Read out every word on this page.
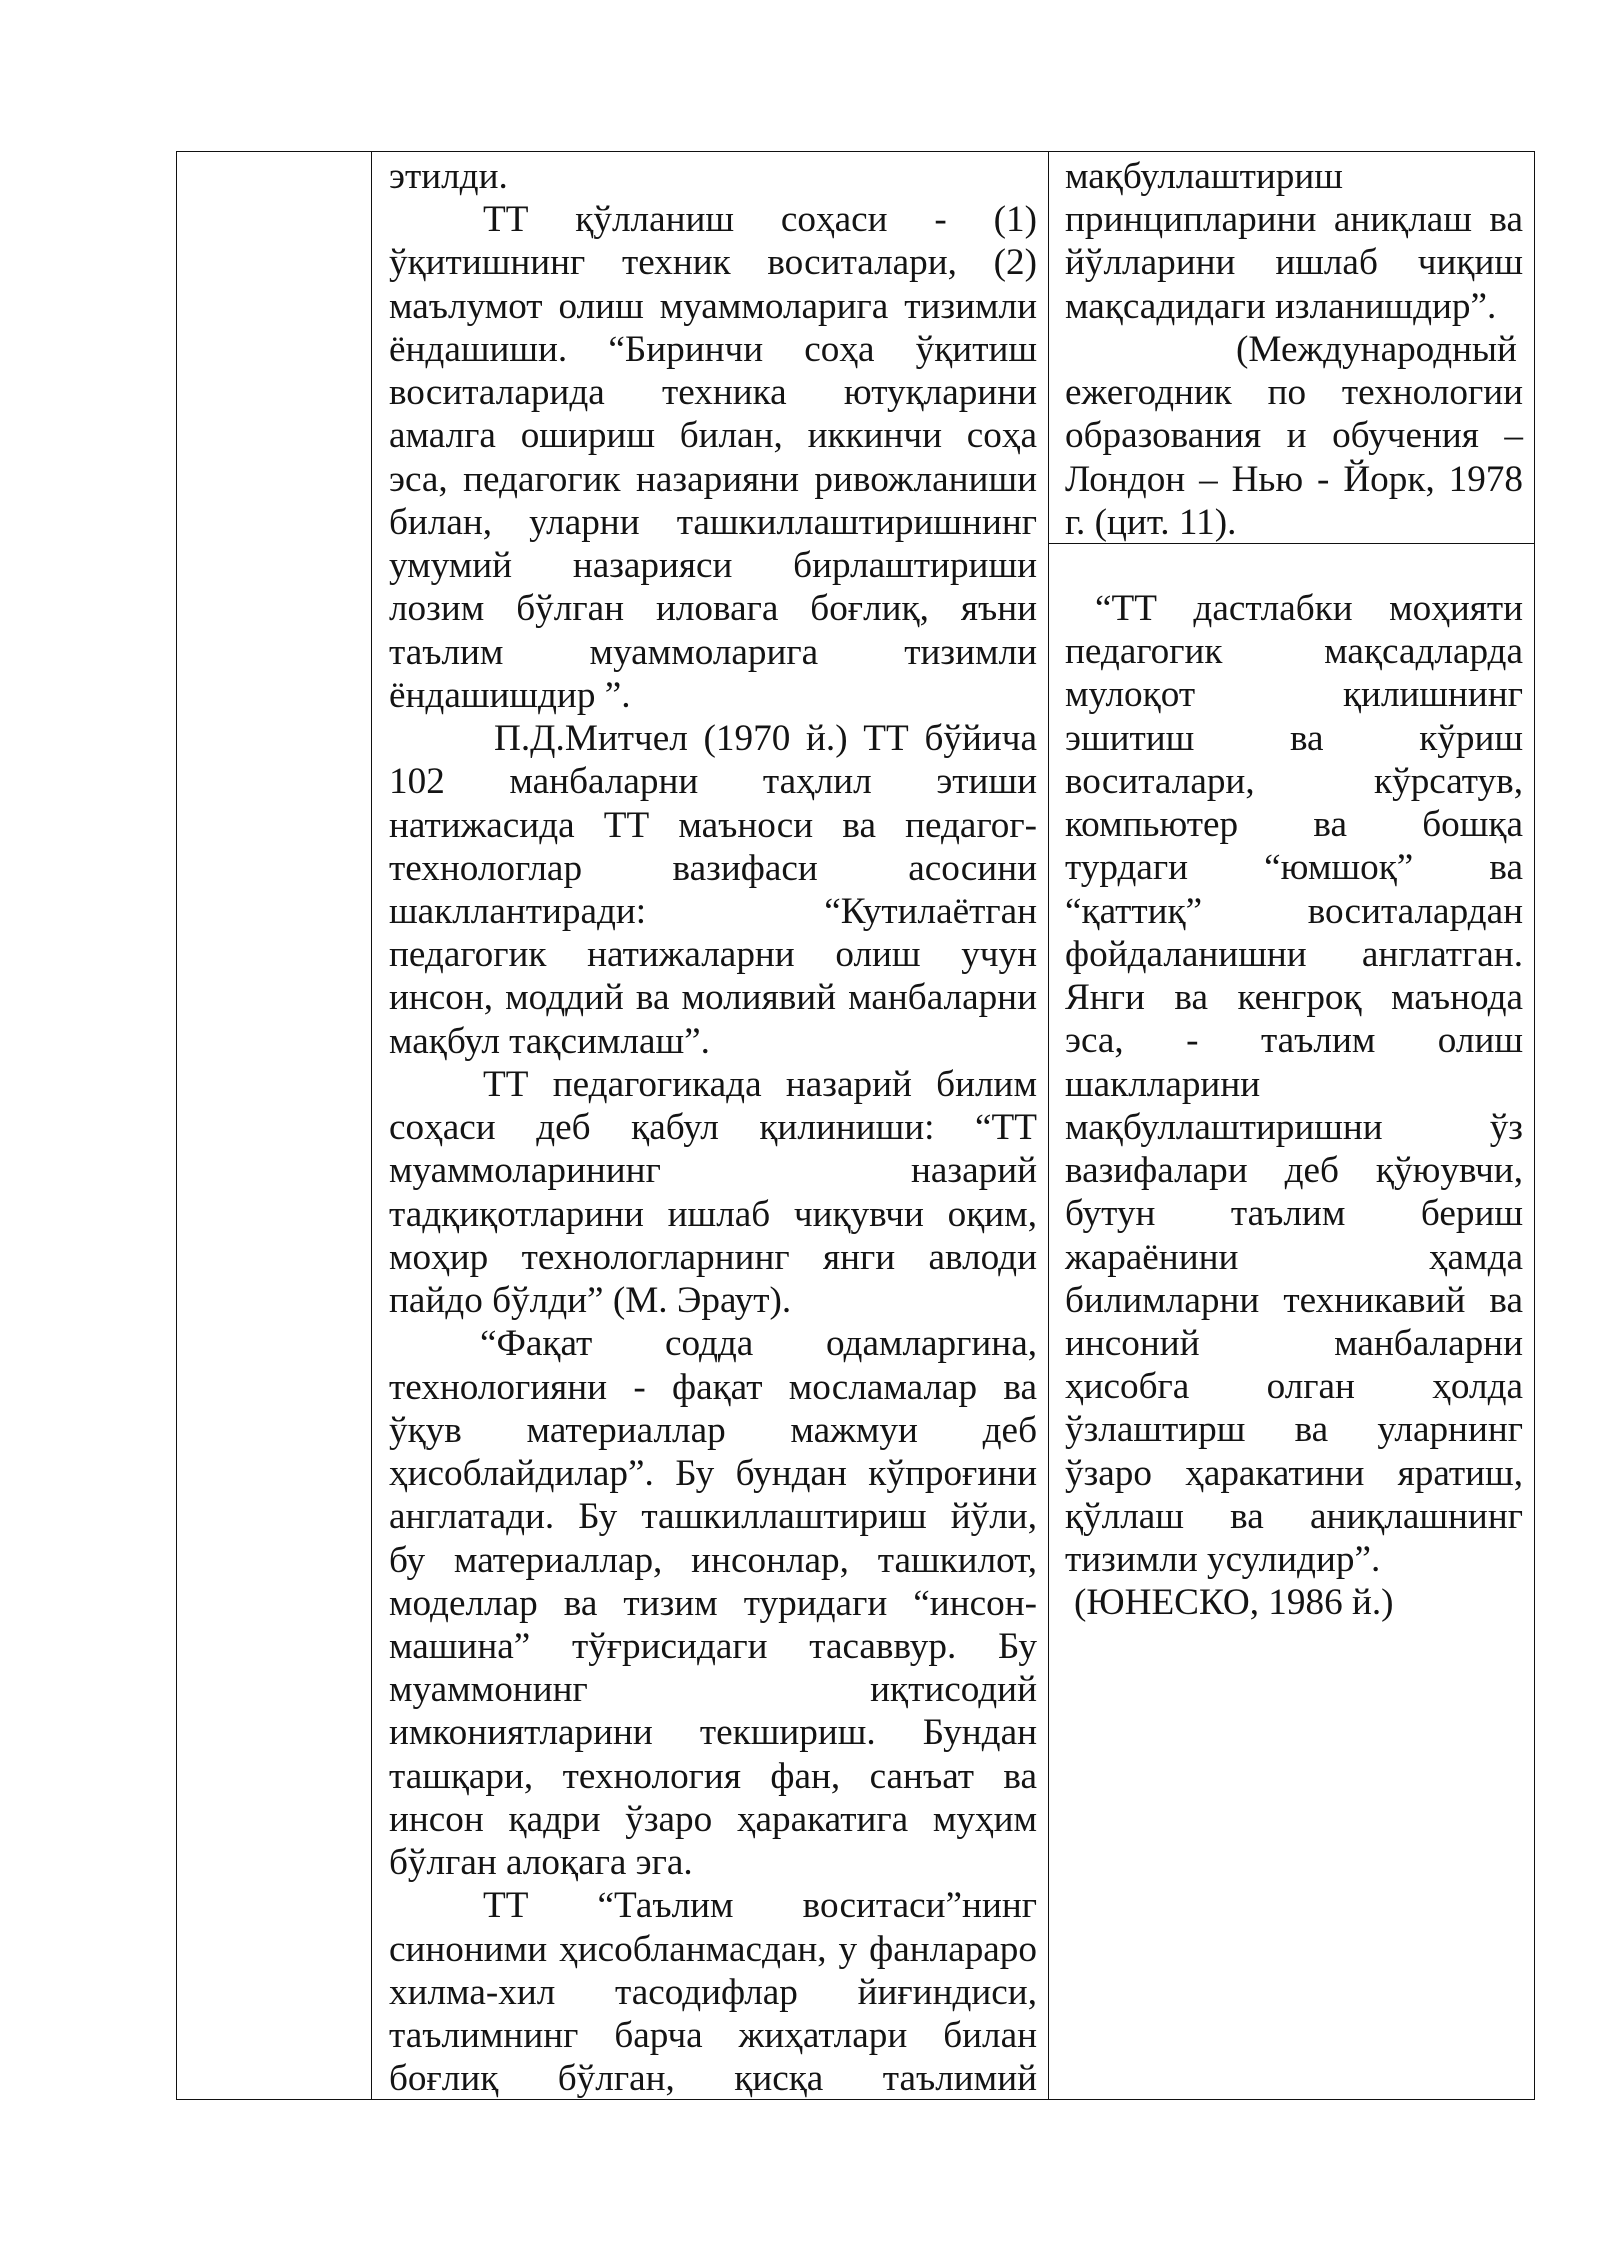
этилди.
ТТ қўлланиш соҳаси - (1)
ўқитишнинг техник воситалари, (2)
маълумот олиш муаммоларига тизимли
ёндашиши. “Биринчи соҳа ўқитиш
воситаларида техника ютуқларини
амалга ошириш билан, иккинчи соҳа
эса, педагогик назарияни ривожланиши
билан, уларни ташкиллаштиришнинг
умумий назарияси бирлаштириши
лозим бўлган иловага боғлиқ, яъни
таълим муаммоларига тизимли
ёндашишдир ”.
П.Д.Митчел (1970 й.) ТТ бўйича
102 манбаларни таҳлил этиши
натижасида ТТ маъноси ва педагог-
технологлар вазифаси асосини
шакллантиради: “Кутилаётган
педагогик натижаларни олиш учун
инсон, моддий ва молиявий манбаларни
мақбул тақсимлаш”.
ТТ педагогикада назарий билим
соҳаси деб қабул қилиниши: “ТТ
муаммоларининг назарий
тадқиқотларини ишлаб чиқувчи оқим,
моҳир технологларнинг янги авлоди
пайдо бўлди” (М. Эраут).
“Фақат содда одамларгина,
технологияни - фақат мосламалар ва
ўқув материаллар мажмуи деб
ҳисоблайдилар”. Бу бундан кўпроғини
англатади. Бу ташкиллаштириш йўли,
бу материаллар, инсонлар, ташкилот,
моделлар ва тизим туридаги “инсон-
машина” тўғрисидаги тасаввур. Бу
муаммонинг иқтисодий
имкониятларини текшириш. Бундан
ташқари, технология фан, санъат ва
инсон қадри ўзаро ҳаракатига муҳим
бўлган алоқага эга.
ТТ “Таълим воситаси”нинг
синоними ҳисобланмасдан, у фанлараро
хилма-хил тасодифлар йиғиндиси,
таълимнинг барча жиҳатлари билан
боғлиқ бўлган, қисқа таълимий
мақбуллаштириш
принципларини аниқлаш ва
йўлларини ишлаб чиқиш
мақсадидаги изланишдир”.
(Международный
ежегодник по технологии
образования и обучения –
Лондон – Нью - Йорк, 1978
г. (цит. 11).
“ТТ дастлабки моҳияти
педагогик мақсадларда
мулоқот қилишнинг
эшитиш ва кўриш
воситалари, кўрсатув,
компьютер ва бошқа
турдаги “юмшоқ” ва
“қаттиқ” воситалардан
фойдаланишни англатган.
Янги ва кенгроқ маънода
эса, - таълим олиш
шаклларини
мақбуллаштиришни ўз
вазифалари деб қўюувчи,
бутун таълим бериш
жараёнини ҳамда
билимларни техникавий ва
инсоний манбаларни
ҳисобга олган ҳолда
ўзлаштирш ва уларнинг
ўзаро ҳаракатини яратиш,
қўллаш ва аниқлашнинг
тизимли усулидир”.
(ЮНЕСКО, 1986 й.)
